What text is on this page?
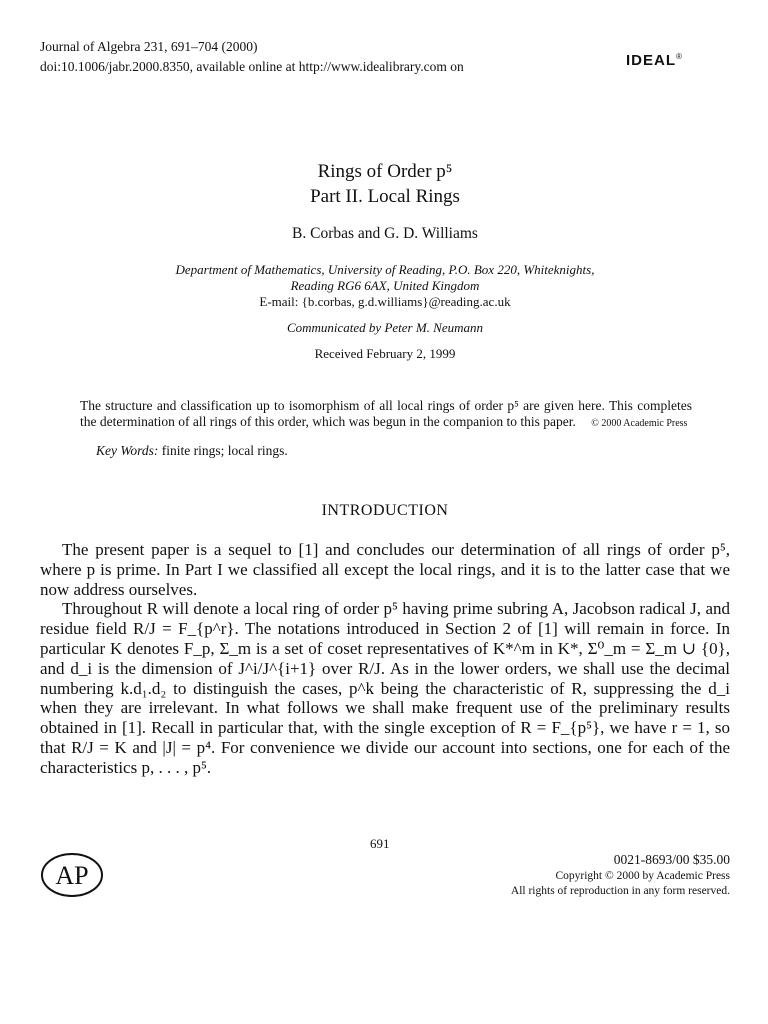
Journal of Algebra 231, 691–704 (2000)
doi:10.1006/jabr.2000.8350, available online at http://www.idealibrary.com on	IDEAL®
Rings of Order p⁵
Part II. Local Rings
B. Corbas and G. D. Williams
Department of Mathematics, University of Reading, P.O. Box 220, Whiteknights,
Reading RG6 6AX, United Kingdom
E-mail: {b.corbas, g.d.williams}@reading.ac.uk
Communicated by Peter M. Neumann
Received February 2, 1999
The structure and classification up to isomorphism of all local rings of order p⁵ are given here. This completes the determination of all rings of this order, which was begun in the companion to this paper. © 2000 Academic Press
Key Words: finite rings; local rings.
INTRODUCTION

The present paper is a sequel to [1] and concludes our determination of all rings of order p⁵, where p is prime. In Part I we classified all except the local rings, and it is to the latter case that we now address ourselves.

Throughout R will denote a local ring of order p⁵ having prime subring A, Jacobson radical J, and residue field R/J = F_{p^r}. The notations introduced in Section 2 of [1] will remain in force. In particular K denotes F_p, Σ_m is a set of coset representatives of K*^m in K*, Σ⁰_m = Σ_m ∪ {0}, and d_i is the dimension of J^i/J^{i+1} over R/J. As in the lower orders, we shall use the decimal numbering k.d₁.d₂ to distinguish the cases, p^k being the characteristic of R, suppressing the d_i when they are irrelevant. In what follows we shall make frequent use of the preliminary results obtained in [1]. Recall in particular that, with the single exception of R = F_{p⁵}, we have r = 1, so that R/J = K and |J| = p⁴. For convenience we divide our account into sections, one for each of the characteristics p, . . . , p⁵.

691
0021-8693/00 $35.00
Copyright © 2000 by Academic Press
All rights of reproduction in any form reserved.
AP
